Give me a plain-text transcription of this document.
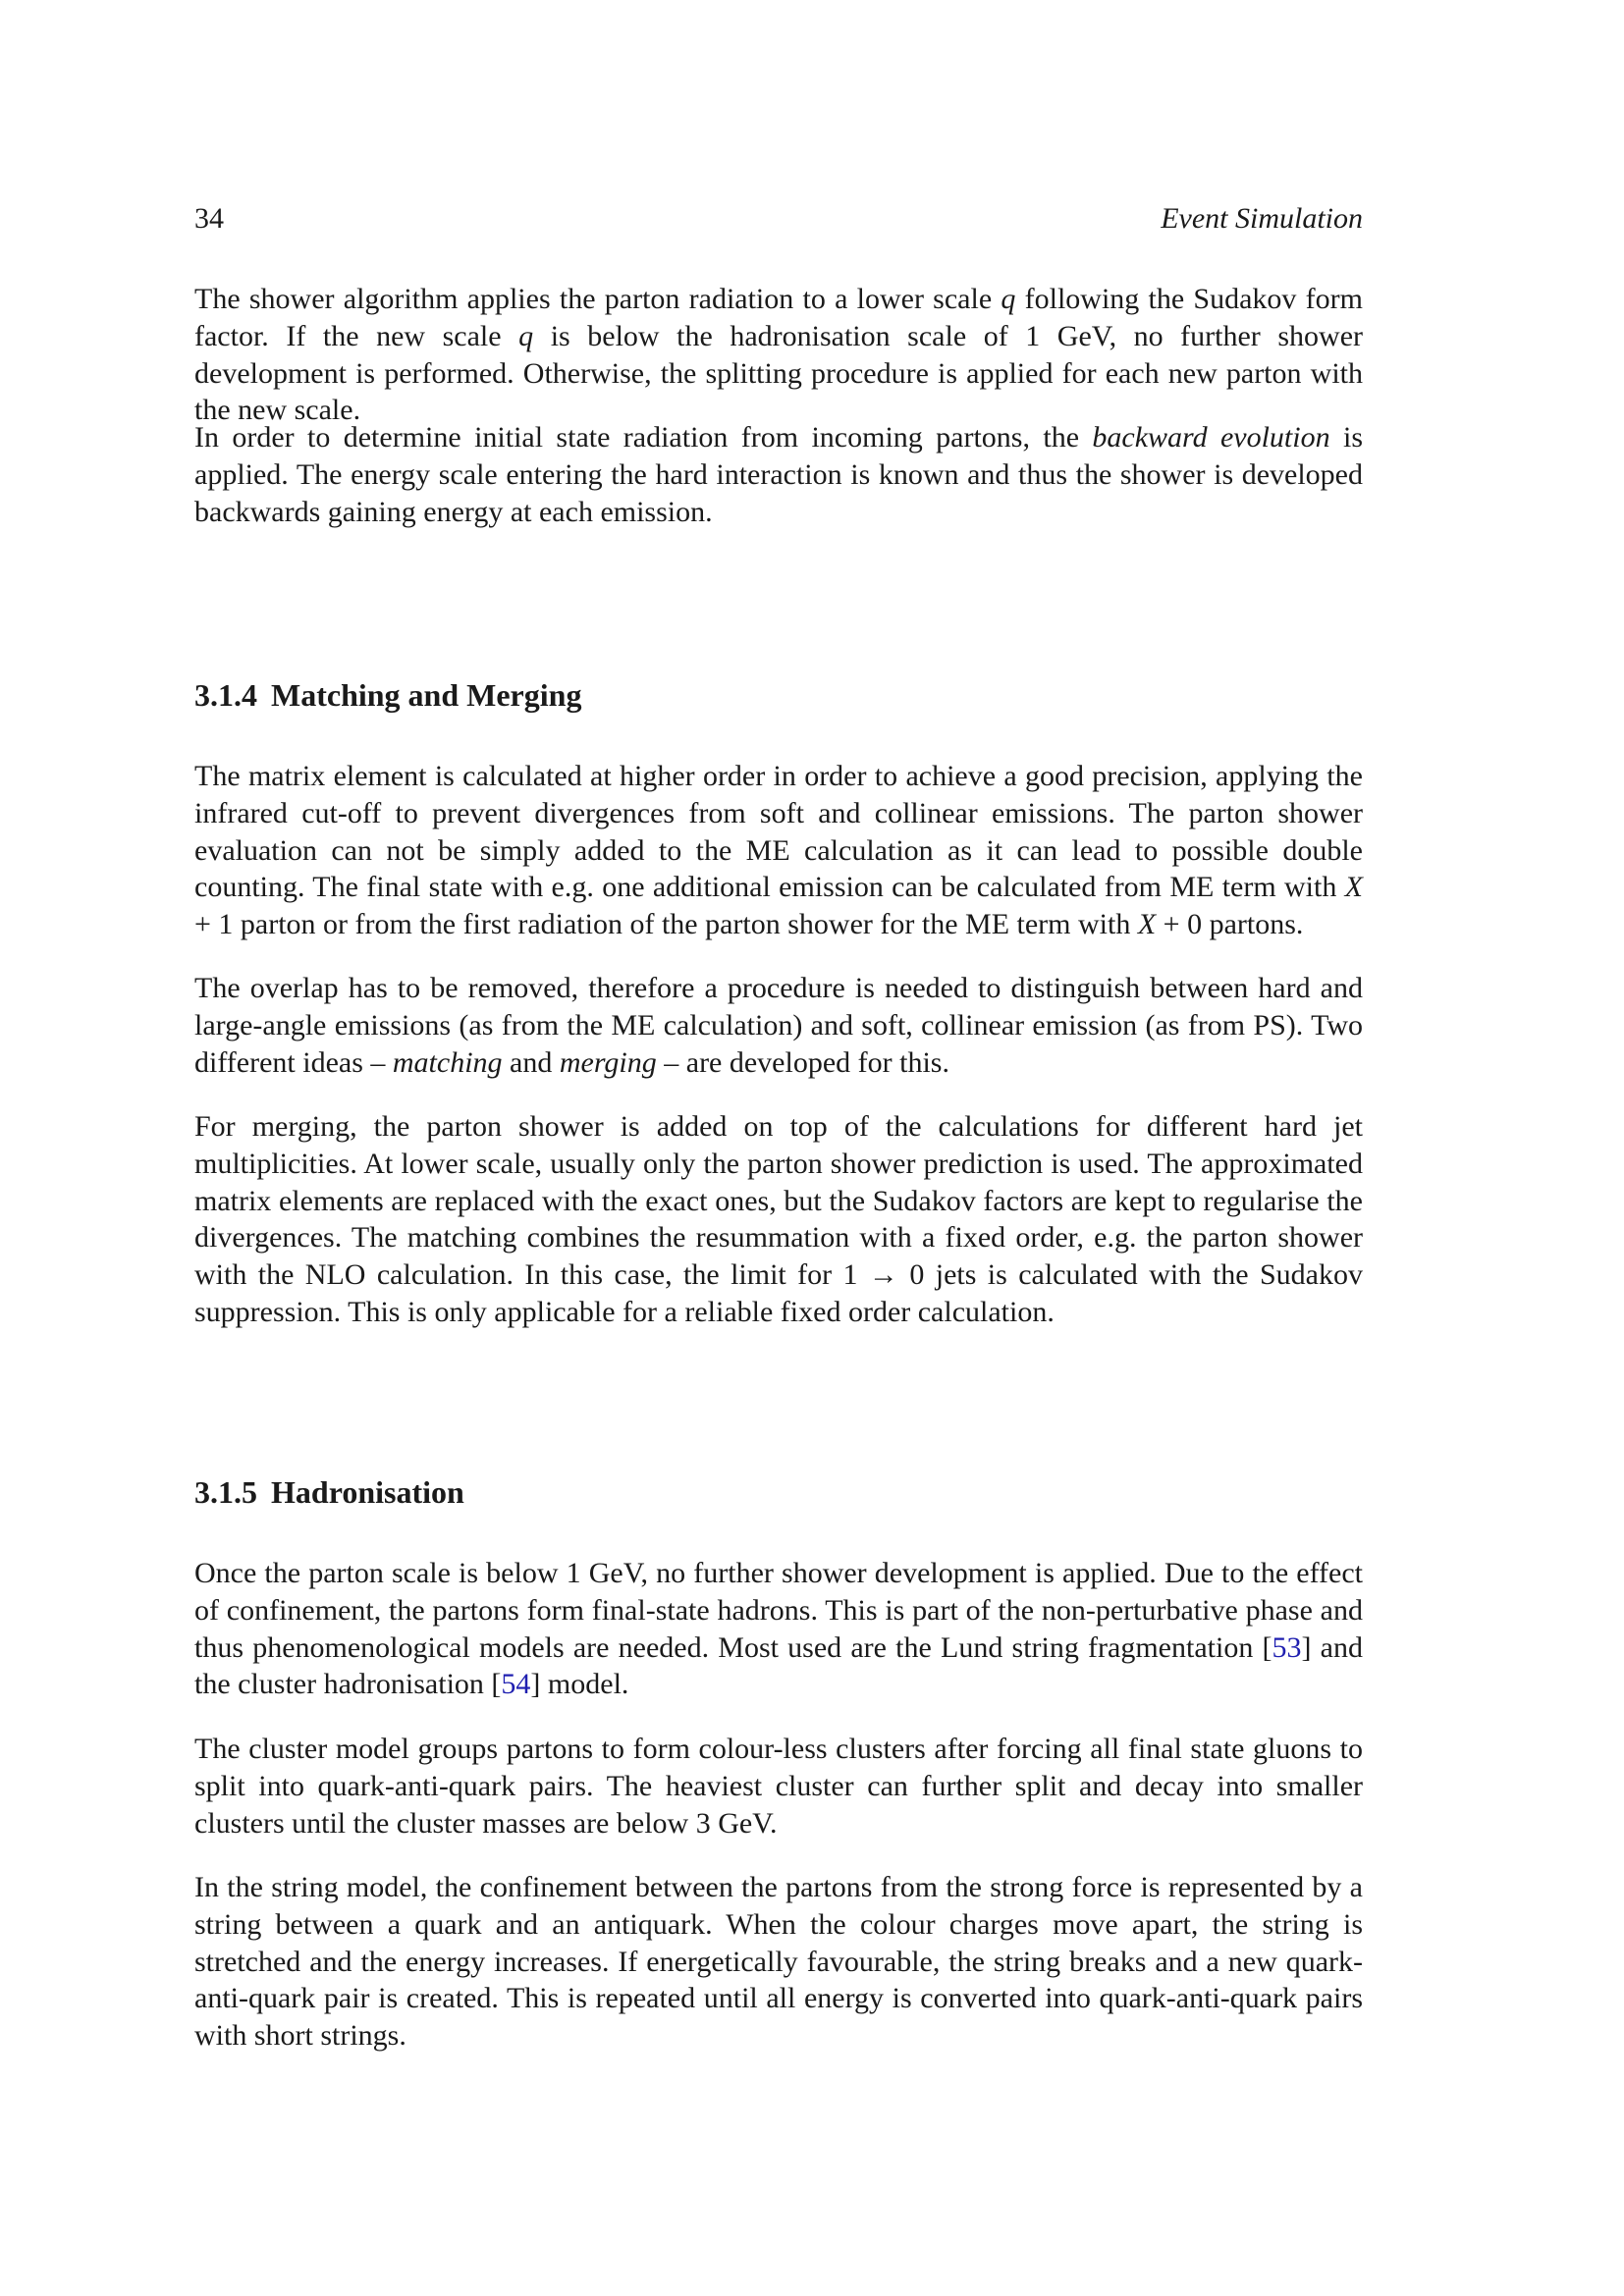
34	Event Simulation

The shower algorithm applies the parton radiation to a lower scale q following the Sudakov form factor. If the new scale q is below the hadronisation scale of 1 GeV, no further shower development is performed. Otherwise, the splitting procedure is applied for each new parton with the new scale.

In order to determine initial state radiation from incoming partons, the backward evolution is applied. The energy scale entering the hard interaction is known and thus the shower is developed backwards gaining energy at each emission.

3.1.4 Matching and Merging

The matrix element is calculated at higher order in order to achieve a good precision, applying the infrared cut-off to prevent divergences from soft and collinear emissions. The parton shower evaluation can not be simply added to the ME calculation as it can lead to possible double counting. The final state with e.g. one additional emission can be calculated from ME term with X + 1 parton or from the first radiation of the parton shower for the ME term with X + 0 partons.

The overlap has to be removed, therefore a procedure is needed to distinguish between hard and large-angle emissions (as from the ME calculation) and soft, collinear emission (as from PS). Two different ideas – matching and merging – are developed for this.

For merging, the parton shower is added on top of the calculations for different hard jet multiplicities. At lower scale, usually only the parton shower prediction is used. The approximated matrix elements are replaced with the exact ones, but the Sudakov factors are kept to regularise the divergences. The matching combines the resummation with a fixed order, e.g. the parton shower with the NLO calculation. In this case, the limit for 1 → 0 jets is calculated with the Sudakov suppression. This is only applicable for a reliable fixed order calculation.

3.1.5 Hadronisation

Once the parton scale is below 1 GeV, no further shower development is applied. Due to the effect of confinement, the partons form final-state hadrons. This is part of the non-perturbative phase and thus phenomenological models are needed. Most used are the Lund string fragmentation [53] and the cluster hadronisation [54] model.

The cluster model groups partons to form colour-less clusters after forcing all final state gluons to split into quark-anti-quark pairs. The heaviest cluster can further split and decay into smaller clusters until the cluster masses are below 3 GeV.

In the string model, the confinement between the partons from the strong force is represented by a string between a quark and an antiquark. When the colour charges move apart, the string is stretched and the energy increases. If energetically favourable, the string breaks and a new quark-anti-quark pair is created. This is repeated until all energy is converted into quark-anti-quark pairs with short strings.
